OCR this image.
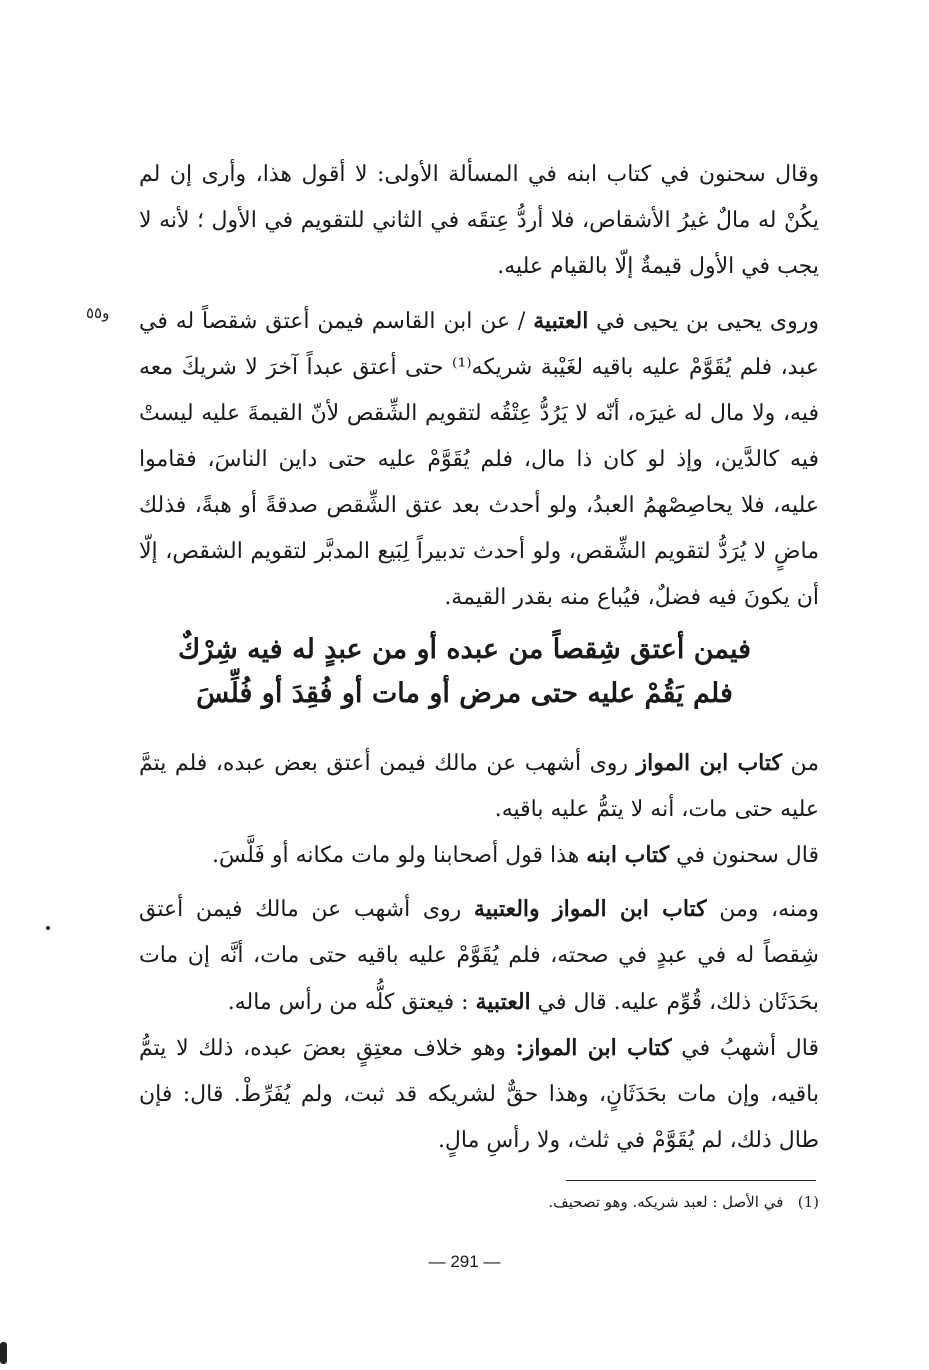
وقال سحنون في كتاب ابنه في المسألة الأولى: لا أقول هذا، وأرى إن لم يكُنْ له مالٌ غيرُ الأشقاص، فلا أردُّ عِتقَه في الثاني للتقويم في الأول ؛ لأنه لا يجب في الأول قيمةٌ إلّا بالقيام عليه.

و٥٥	وروى يحيى بن يحيى في العتبية / عن ابن القاسم فيمن أعتق شقصاً له في عبد، فلم يُقَوَّمْ عليه باقيه لغَيْبة شريكه⁽¹⁾ حتى أعتق عبداً آخرَ لا شريكَ معه فيه، ولا مال له غيرَه، أنّه لا يَرُدُّ عِتْقُه لتقويم الشِّقص لأنّ القيمةَ عليه ليستْ فيه كالدَّين، وإذ لو كان ذا مال، فلم يُقَوَّمْ عليه حتى داين الناسَ، فقاموا عليه، فلا يحاصِصْهمُ العبدُ، ولو أحدث بعد عتق الشِّقص صدقةً أو هبةً، فذلك ماضٍ لا يُرَدُّ لتقويم الشِّقص، ولو أحدث تدبيراً لِبَيع المدبَّر لتقويم الشقص، إلّا أن يكونَ فيه فضلٌ، فيُباع منه بقدر القيمة.

فيمن أعتق شِقصاً من عبده أو من عبدٍ له فيه شِرْكٌ
فلم يَقُمْ عليه حتى مرض أو مات أو فُقِدَ أو فُلِّسَ

من كتاب ابن المواز روى أشهب عن مالك فيمن أعتق بعض عبده، فلم يتمَّ عليه حتى مات، أنه لا يتمُّ عليه باقيه.

قال سحنون في كتاب ابنه هذا قول أصحابنا ولو مات مكانه أو فَلَّسَ.

ومنه، ومن كتاب ابن المواز والعتبية روى أشهب عن مالك فيمن أعتق شِقصاً له في عبدٍ في صحته، فلم يُقَوَّمْ عليه باقيه حتى مات، أنَّه إن مات بحَدَثَان ذلك، قُوِّم عليه. قال في العتبية : فيعتق كلُّه من رأس ماله.

قال أشهبُ في كتاب ابن المواز: وهو خلاف معتِقٍ بعضَ عبده، ذلك لا يتمُّ باقيه، وإن مات بحَدَثَانٍ، وهذا حقٌّ لشريكه قد ثبت، ولم يُفَرِّطْ. قال: فإن طال ذلك، لم يُقَوَّمْ في ثلث، ولا رأسِ مالٍ.

(1)   في الأصل : لعبد شريكه. وهو تصحيف.

— 291 —
